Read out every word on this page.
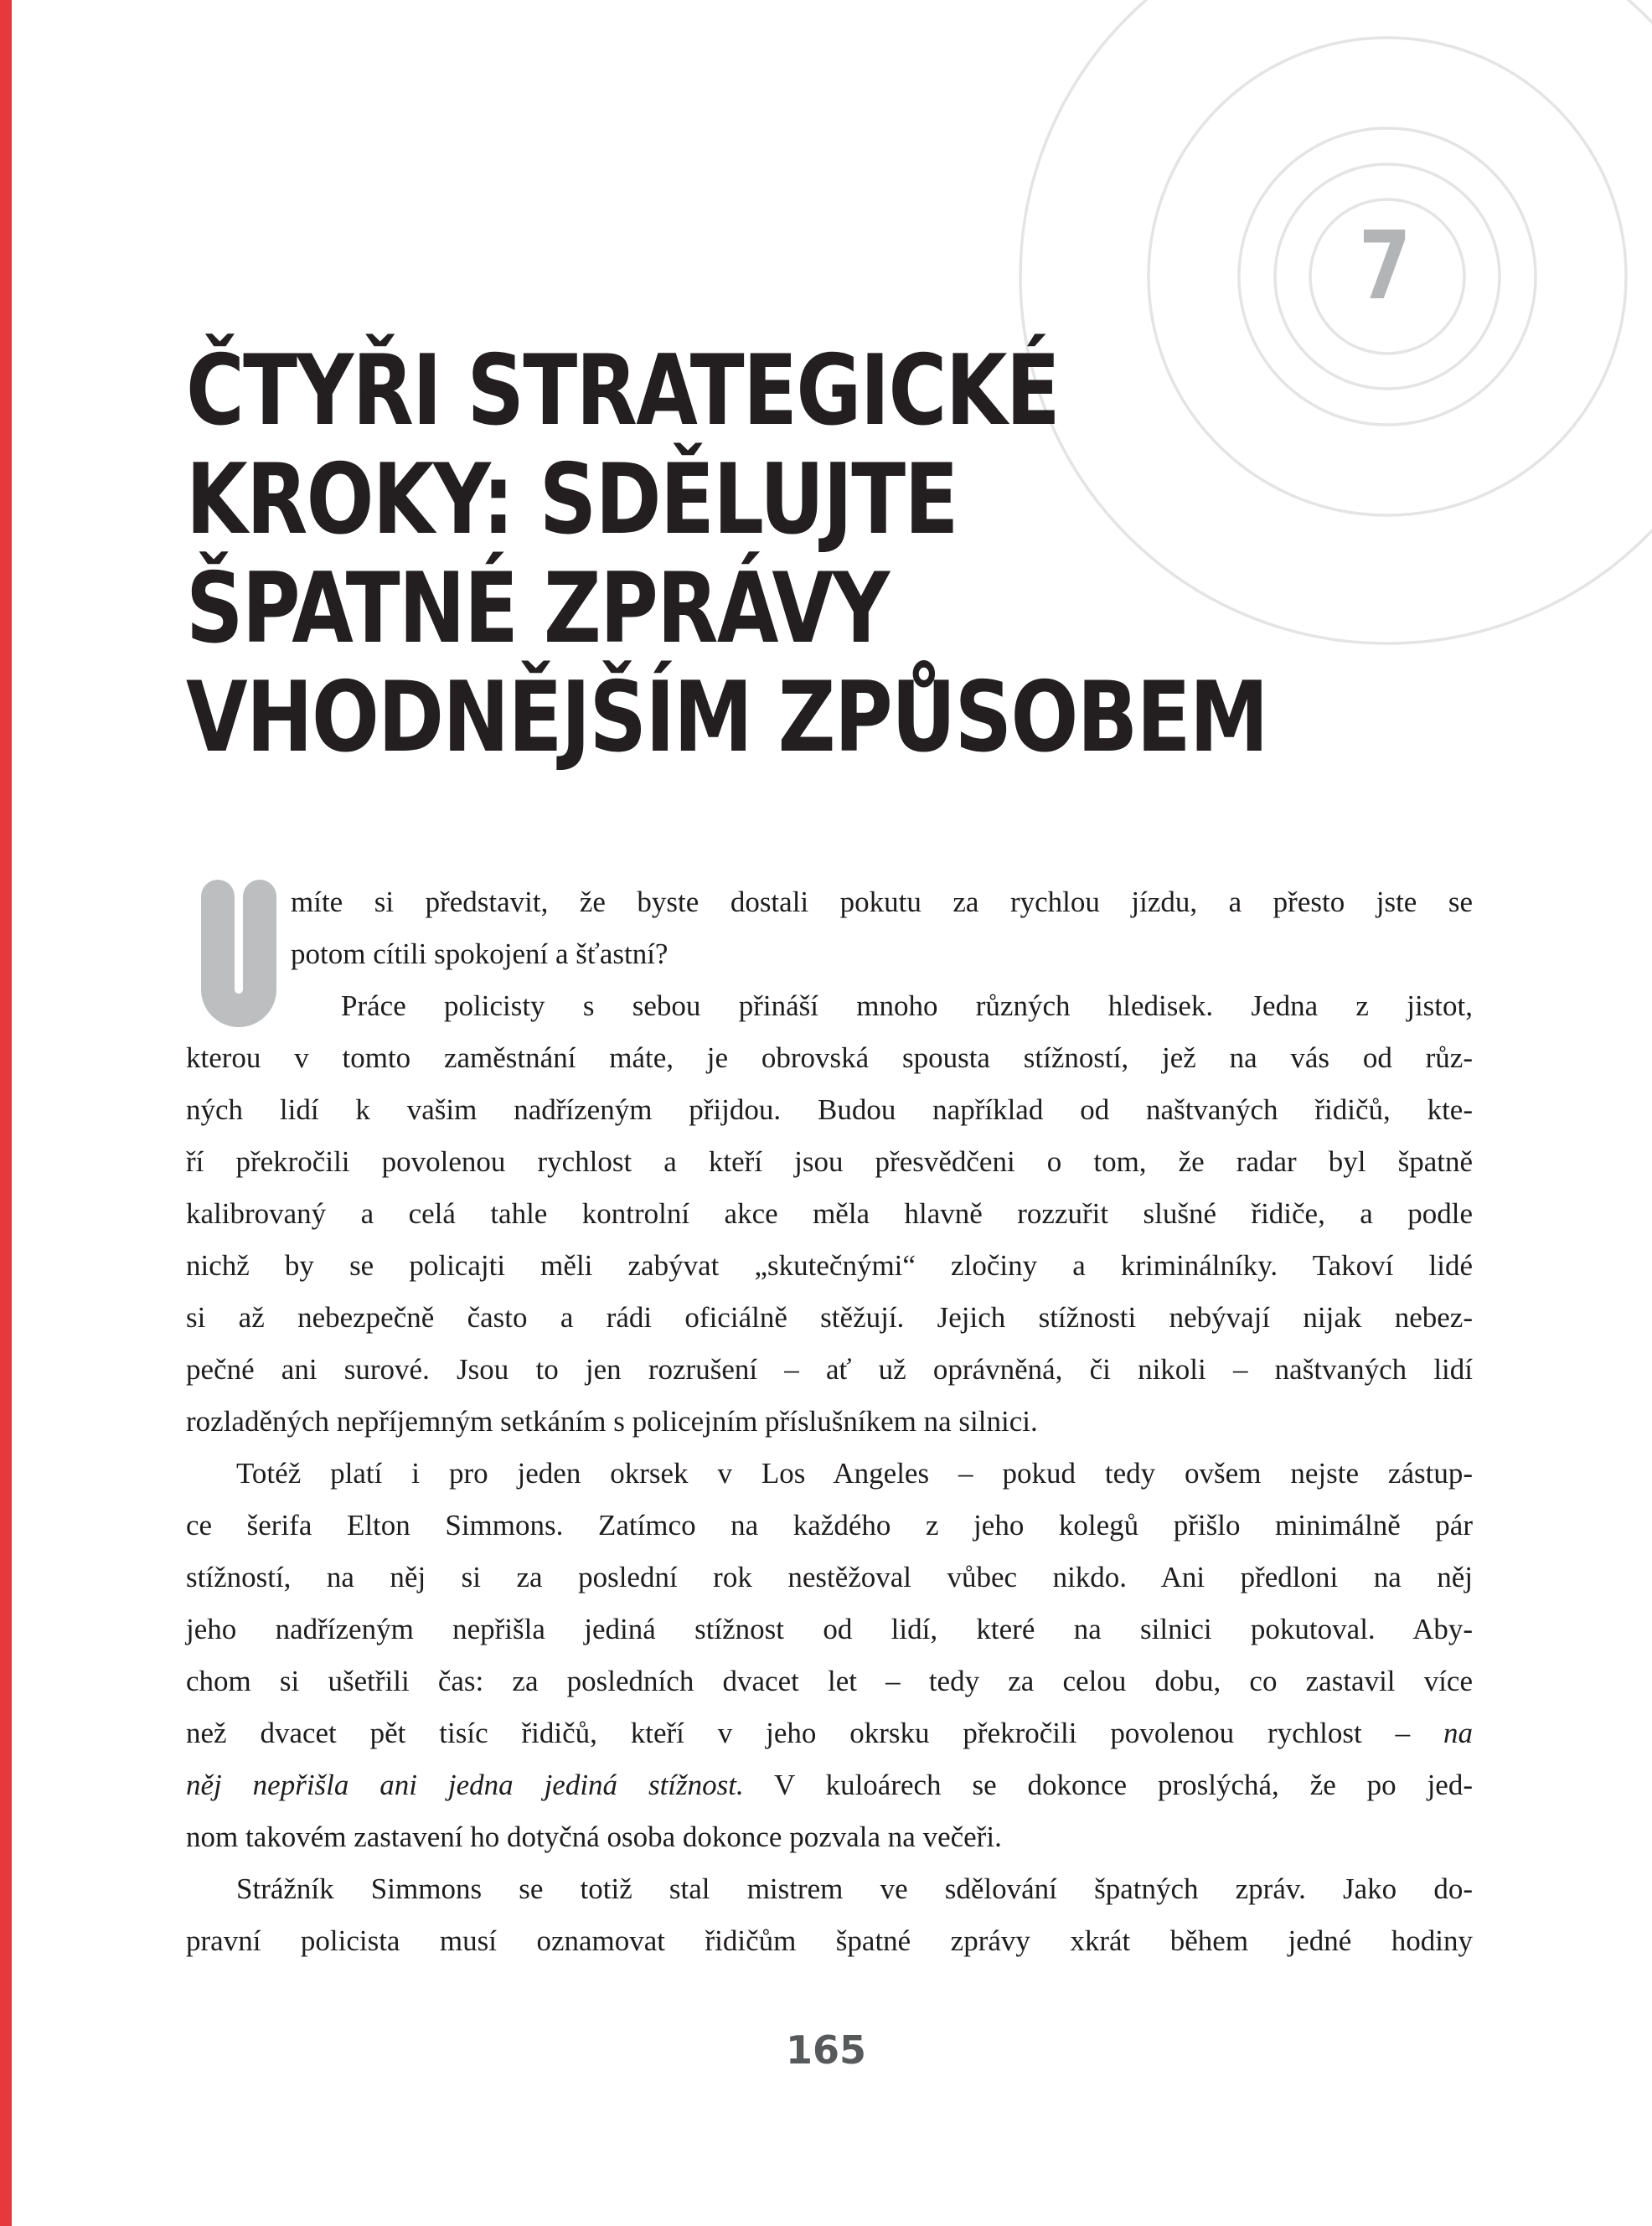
7
ČTYŘI STRATEGICKÉ
KROKY: SDĚLUJTE
ŠPATNÉ ZPRÁVY
VHODNĚJŠÍM ZPŮSOBEM
míte si představit, že byste dostali pokutu za rychlou jízdu, a přesto jste se
potom cítili spokojení a šťastní?
Práce policisty s sebou přináší mnoho různých hledisek. Jedna z jistot,
kterou v tomto zaměstnání máte, je obrovská spousta stížností, jež na vás od růz-
ných lidí k vašim nadřízeným přijdou. Budou například od naštvaných řidičů, kte-
ří překročili povolenou rychlost a kteří jsou přesvědčeni o tom, že radar byl špatně
kalibrovaný a celá tahle kontrolní akce měla hlavně rozzuřit slušné řidiče, a podle
nichž by se policajti měli zabývat „skutečnými“ zločiny a kriminálníky. Takoví lidé
si až nebezpečně často a rádi oficiálně stěžují. Jejich stížnosti nebývají nijak nebez-
pečné ani surové. Jsou to jen rozrušení – ať už oprávněná, či nikoli – naštvaných lidí
rozladěných nepříjemným setkáním s policejním příslušníkem na silnici.
Totéž platí i pro jeden okrsek v Los Angeles – pokud tedy ovšem nejste zástup-
ce šerifa Elton Simmons. Zatímco na každého z jeho kolegů přišlo minimálně pár
stížností, na něj si za poslední rok nestěžoval vůbec nikdo. Ani předloni na něj
jeho nadřízeným nepřišla jediná stížnost od lidí, které na silnici pokutoval. Aby-
chom si ušetřili čas: za posledních dvacet let – tedy za celou dobu, co zastavil více
než dvacet pět tisíc řidičů, kteří v jeho okrsku překročili povolenou rychlost – na
něj nepřišla ani jedna jediná stížnost. V kuloárech se dokonce proslýchá, že po jed-
nom takovém zastavení ho dotyčná osoba dokonce pozvala na večeři.
Strážník Simmons se totiž stal mistrem ve sdělování špatných zpráv. Jako do-
pravní policista musí oznamovat řidičům špatné zprávy xkrát během jedné hodiny
165
